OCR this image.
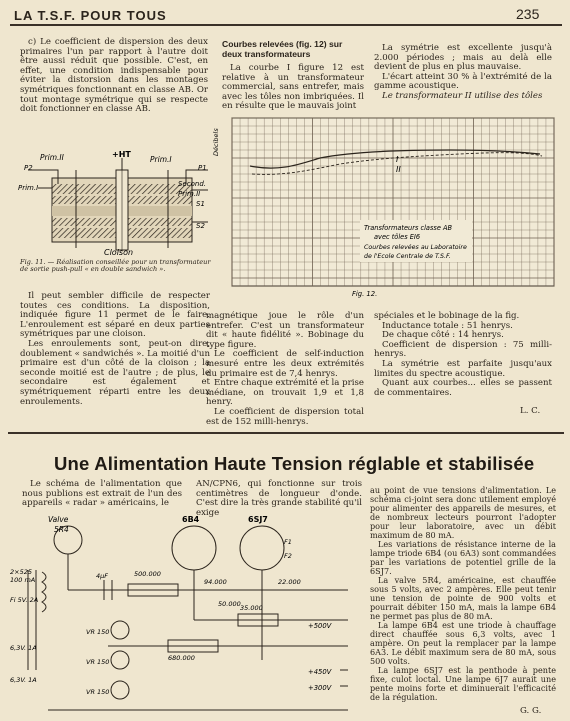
LA T.S.F. POUR TOUS	235

c) Le coefficient de dispersion des deux primaires l'un par rapport à l'autre doit être aussi réduit que possible. C'est, en effet, une condition indispensable pour éviter la distorsion dans les montages symétriques fonctionnant en classe AB. Or tout montage symétrique qui se respecte doit fonctionner en classe AB.

Prim.II	+HT
Prim.I
P2	P1
Prim.I	Second.
Prim.II
S1
S2
Cloison
Fig. 11. — Réalisation conseillée pour un transformateur de sortie push-pull « en double sandwich ».
Courbes relevées (fig. 12) sur deux transformateurs

La courbe I figure 12 est relative à un transformateur commercial, sans entrefer, mais avec les tôles non imbriquées. Il en résulte que le mauvais joint

La symétrie est excellente jusqu'à 2.000 périodes ; mais au delà elle devient de plus en plus mauvaise.

L'écart atteint 30 % à l'extrémité de la gamme acoustique.

Le transformateur II utilise des tôles

Décibels
I
II
Transformateurs classe AB
avec tôles EI6
Courbes relevées au Laboratoire
de l'Ecole Centrale de T.S.F.
Fig. 12.

Il peut sembler difficile de respecter toutes ces conditions. La disposition, indiquée figure 11 permet de le faire. L'enroulement est séparé en deux parties symétriques par une cloison.

Les enroulements sont, peut-on dire, doublement « sandwichés ». La moitié d'un primaire est d'un côté de la cloison ; la seconde moitié est de l'autre ; de plus, le secondaire est également et symétriquement réparti entre les deux enroulements.

magnétique joue le rôle d'un entrefer. C'est un transformateur dit « haute fidélité ». Bobinage du type figure.

Le coefficient de self-induction mesuré entre les deux extrémités du primaire est de 7,4 henrys.

Entre chaque extrémité et la prise médiane, on trouvait 1,9 et 1,8 henry.

Le coefficient de dispersion total est de 152 milli-henrys.

spéciales et le bobinage de la fig.

Inductance totale : 51 henrys.

De chaque côté : 14 henrys.

Coefficient de dispersion : 75 milli-henrys.

La symétrie est parfaite jusqu'aux limites du spectre acoustique.

Quant aux courbes... elles se passent de commentaires.

L. C.
Une Alimentation Haute Tension réglable et stabilisée

Le schéma de l'alimentation que nous publions est extrait de l'un des appareils « radar » américains, le

AN/CPN6, qui fonctionne sur trois centimètres de longueur d'onde. C'est dire la très grande stabilité qu'il exige

au point de vue tensions d'alimentation. Le schéma ci-joint sera donc utilement employé pour alimenter des appareils de mesures, et de nombreux lecteurs pourront l'adopter pour leur laboratoire, avec un débit maximum de 80 mA.

Les variations de résistance interne de la lampe triode 6B4 (ou 6A3) sont commandées par les variations de potentiel grille de la 6SJ7.

La valve 5R4, américaine, est chauffée sous 5 volts, avec 2 ampères. Elle peut tenir une tension de pointe de 900 volts et pourrait débiter 150 mA, mais la lampe 6B4 ne permet pas plus de 80 mA.

La lampe 6B4 est une triode à chauffage direct chauffée sous 6,3 volts, avec 1 ampère. On peut la remplacer par la lampe 6A3. Le débit maximum sera de 80 mA, sous 500 volts.

La lampe 6SJ7 est la penthode à pente fixe, culot loctal. Une lampe 6J7 aurait une pente moins forte et diminuerait l'efficacité de la régulation.

Valve
5R4
6B4	6SJ7
2×525
100 mA
Fi 5V. 2A
6,3V. 1A
6,3V. 1A
4μF	500.000
94.000	22.000
35.000
680.000
50.000
VR 150
VR 150
VR 150
+500V
+450V
+300V
F1
F2
G. G.
